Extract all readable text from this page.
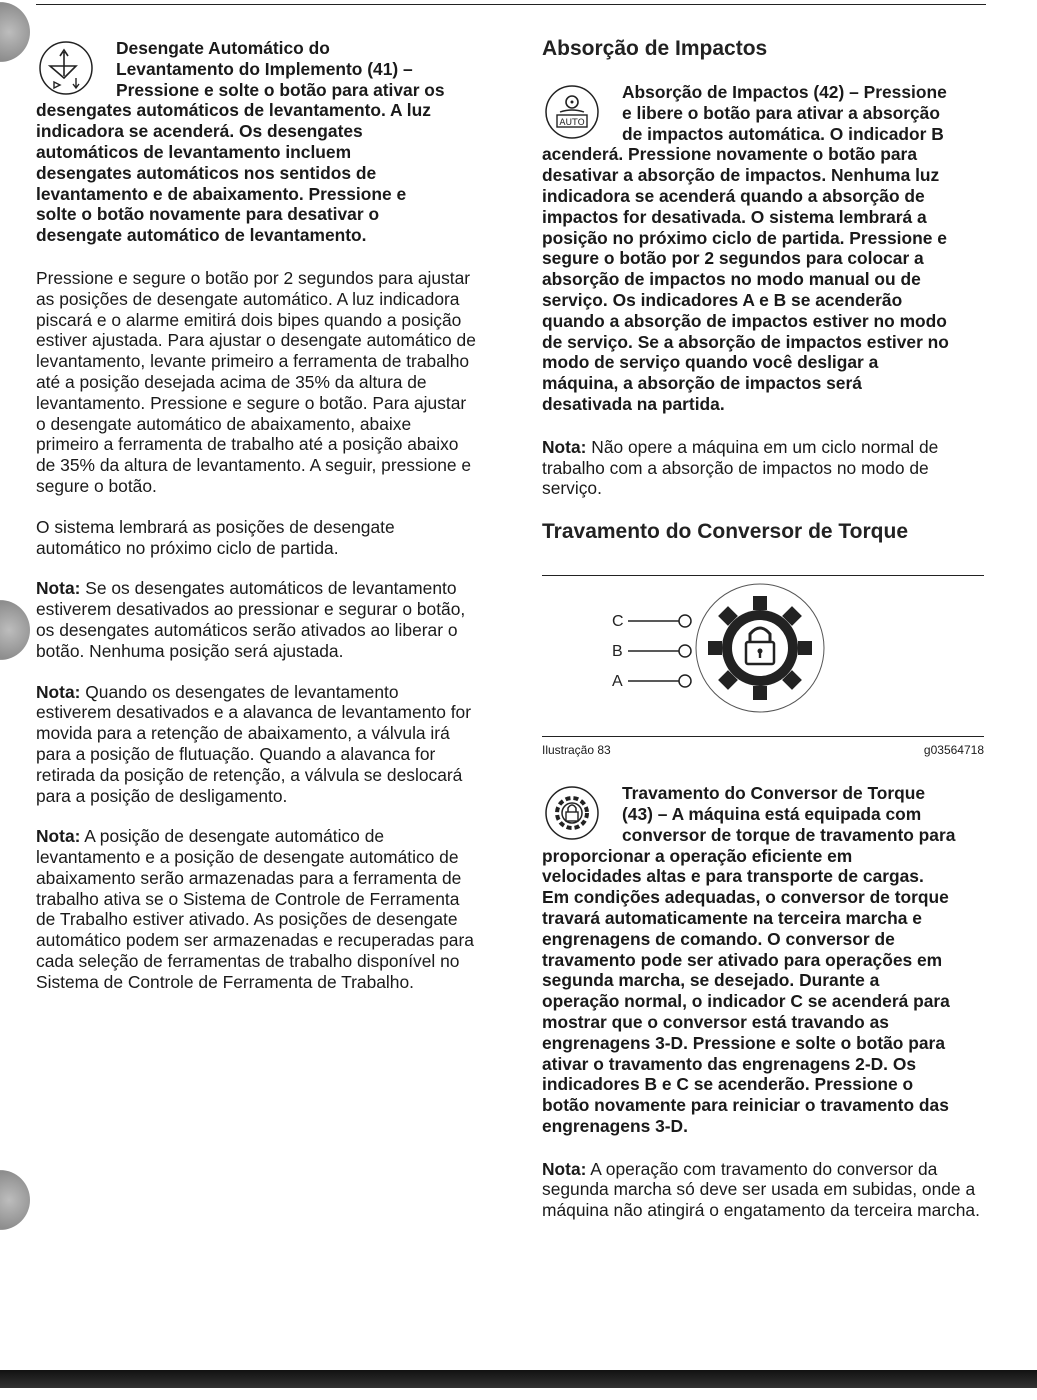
Desengate Automático do
Levantamento do Implemento (41) –
Pressione e solte o botão para ativar os
desengates automáticos de levantamento. A luz
indicadora se acenderá. Os desengates
automáticos de levantamento incluem
desengates automáticos nos sentidos de
levantamento e de abaixamento. Pressione e
solte o botão novamente para desativar o
desengate automático de levantamento.

Pressione e segure o botão por 2 segundos para ajustar as posições de desengate automático. A luz indicadora piscará e o alarme emitirá dois bipes quando a posição estiver ajustada. Para ajustar o desengate automático de levantamento, levante primeiro a ferramenta de trabalho até a posição desejada acima de 35% da altura de levantamento. Pressione e segure o botão. Para ajustar o desengate automático de abaixamento, abaixe primeiro a ferramenta de trabalho até a posição abaixo de 35% da altura de levantamento. A seguir, pressione e segure o botão.

O sistema lembrará as posições de desengate automático no próximo ciclo de partida.

Nota: Se os desengates automáticos de levantamento estiverem desativados ao pressionar e segurar o botão, os desengates automáticos serão ativados ao liberar o botão. Nenhuma posição será ajustada.

Nota: Quando os desengates de levantamento estiverem desativados e a alavanca de levantamento for movida para a retenção de abaixamento, a válvula irá para a posição de flutuação. Quando a alavanca for retirada da posição de retenção, a válvula se deslocará para a posição de desligamento.

Nota: A posição de desengate automático de levantamento e a posição de desengate automático de abaixamento serão armazenadas para a ferramenta de trabalho ativa se o Sistema de Controle de Ferramenta de Trabalho estiver ativado. As posições de desengate automático podem ser armazenadas e recuperadas para cada seleção de ferramentas de trabalho disponível no Sistema de Controle de Ferramenta de Trabalho.

Absorção de Impactos
AUTO

Absorção de Impactos (42) – Pressione
e libere o botão para ativar a absorção
de impactos automática. O indicador B
acenderá. Pressione novamente o botão para
desativar a absorção de impactos. Nenhuma luz
indicadora se acenderá quando a absorção de
impactos for desativada. O sistema lembrará a
posição no próximo ciclo de partida. Pressione e
segure o botão por 2 segundos para colocar a
absorção de impactos no modo manual ou de
serviço. Os indicadores A e B se acenderão
quando a absorção de impactos estiver no modo
de serviço. Se a absorção de impactos estiver no
modo de serviço quando você desligar a
máquina, a absorção de impactos será
desativada na partida.

Nota: Não opere a máquina em um ciclo normal de trabalho com a absorção de impactos no modo de serviço.

Travamento do Conversor de Torque
C
B
A
Ilustração 83	g03564718

Travamento do Conversor de Torque
(43) – A máquina está equipada com
conversor de torque de travamento para
proporcionar a operação eficiente em
velocidades altas e para transporte de cargas.
Em condições adequadas, o conversor de torque
travará automaticamente na terceira marcha e
engrenagens de comando. O conversor de
travamento pode ser ativado para operações em
segunda marcha, se desejado. Durante a
operação normal, o indicador C se acenderá para
mostrar que o conversor está travando as
engrenagens 3-D. Pressione e solte o botão para
ativar o travamento das engrenagens 2-D. Os
indicadores B e C se acenderão. Pressione o
botão novamente para reiniciar o travamento das
engrenagens 3-D.

Nota: A operação com travamento do conversor da segunda marcha só deve ser usada em subidas, onde a máquina não atingirá o engatamento da terceira marcha.
